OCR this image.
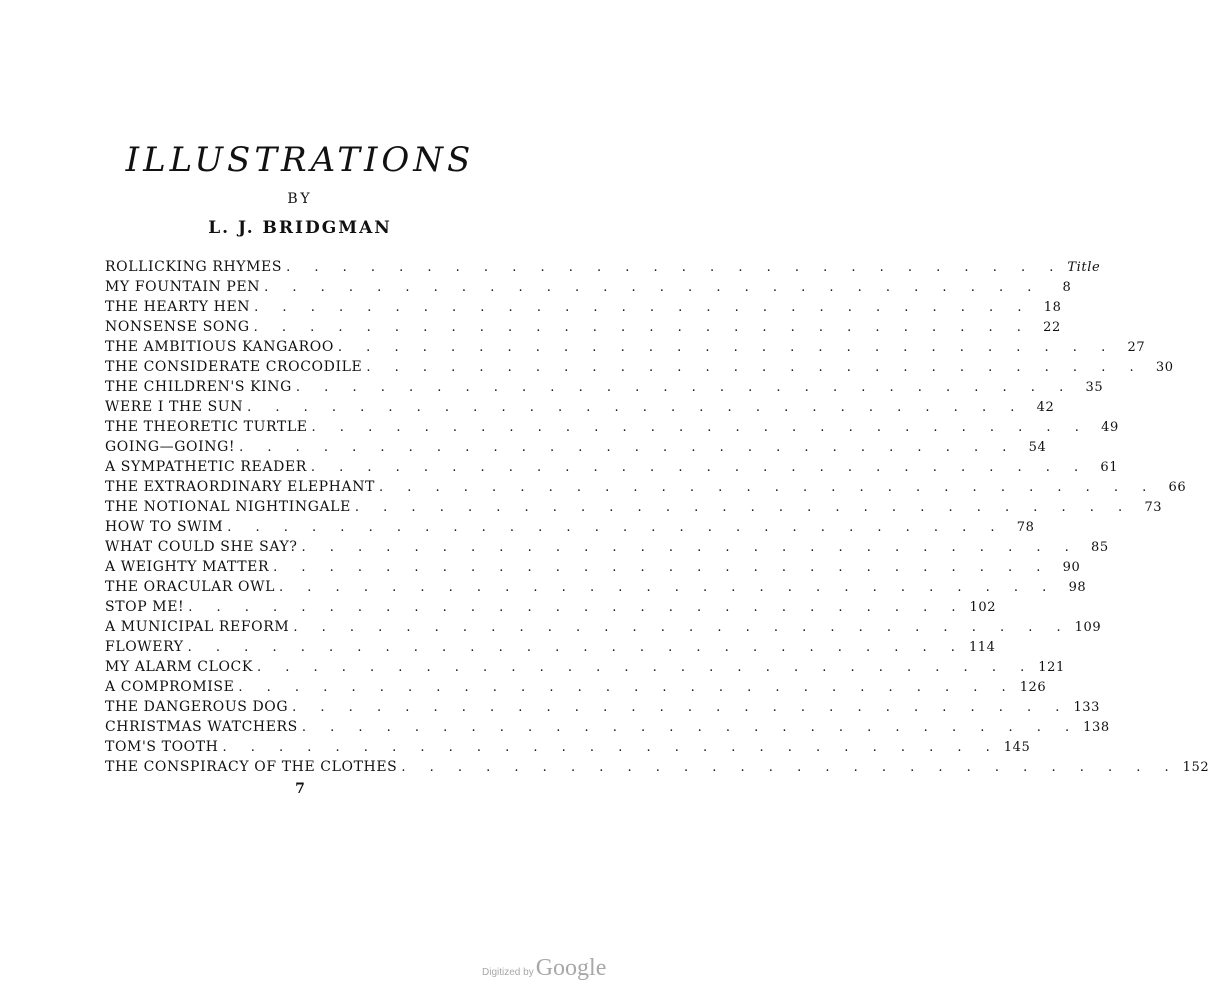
ILLUSTRATIONS
BY
L. J. BRIDGMAN
ROLLICKING RHYMES . . . . . . . . . . . . . . . . . . . . . . . . . . . . Title
MY FOUNTAIN PEN . . . . . . . . . . . . . . . . . . . . . . . . . . . .	8
THE HEARTY HEN . . . . . . . . . . . . . . . . . . . . . . . . . . . . 18
NONSENSE SONG . . . . . . . . . . . . . . . . . . . . . . . . . . . . 22
THE AMBITIOUS KANGAROO . . . . . . . . . . . . . . . . . . . . . . . . . . . . 27
THE CONSIDERATE CROCODILE . . . . . . . . . . . . . . . . . . . . . . . . . . . . 30
THE CHILDREN'S KING . . . . . . . . . . . . . . . . . . . . . . . . . . . . 35
WERE I THE SUN . . . . . . . . . . . . . . . . . . . . . . . . . . . . 42
THE THEORETIC TURTLE . . . . . . . . . . . . . . . . . . . . . . . . . . . . 49
GOING—GOING! . . . . . . . . . . . . . . . . . . . . . . . . . . . . 54
A SYMPATHETIC READER . . . . . . . . . . . . . . . . . . . . . . . . . . . . 61
THE EXTRAORDINARY ELEPHANT . . . . . . . . . . . . . . . . . . . . . . . . . . . . 66
THE NOTIONAL NIGHTINGALE . . . . . . . . . . . . . . . . . . . . . . . . . . . . 73
HOW TO SWIM . . . . . . . . . . . . . . . . . . . . . . . . . . . . 78
WHAT COULD SHE SAY? . . . . . . . . . . . . . . . . . . . . . . . . . . . . 85
A WEIGHTY MATTER . . . . . . . . . . . . . . . . . . . . . . . . . . . . 90
THE ORACULAR OWL . . . . . . . . . . . . . . . . . . . . . . . . . . . . 98
STOP ME! . . . . . . . . . . . . . . . . . . . . . . . . . . . . 102
A MUNICIPAL REFORM . . . . . . . . . . . . . . . . . . . . . . . . . . . . 109
FLOWERY . . . . . . . . . . . . . . . . . . . . . . . . . . . . 114
MY ALARM CLOCK . . . . . . . . . . . . . . . . . . . . . . . . . . . . 121
A COMPROMISE . . . . . . . . . . . . . . . . . . . . . . . . . . . . 126
THE DANGEROUS DOG . . . . . . . . . . . . . . . . . . . . . . . . . . . . 133
CHRISTMAS WATCHERS . . . . . . . . . . . . . . . . . . . . . . . . . . . . 138
TOM'S TOOTH . . . . . . . . . . . . . . . . . . . . . . . . . . . . 145
THE CONSPIRACY OF THE CLOTHES . . . . . . . . . . . . . . . . . . . . . . . . . . . . 152
7
Digitized by Google
